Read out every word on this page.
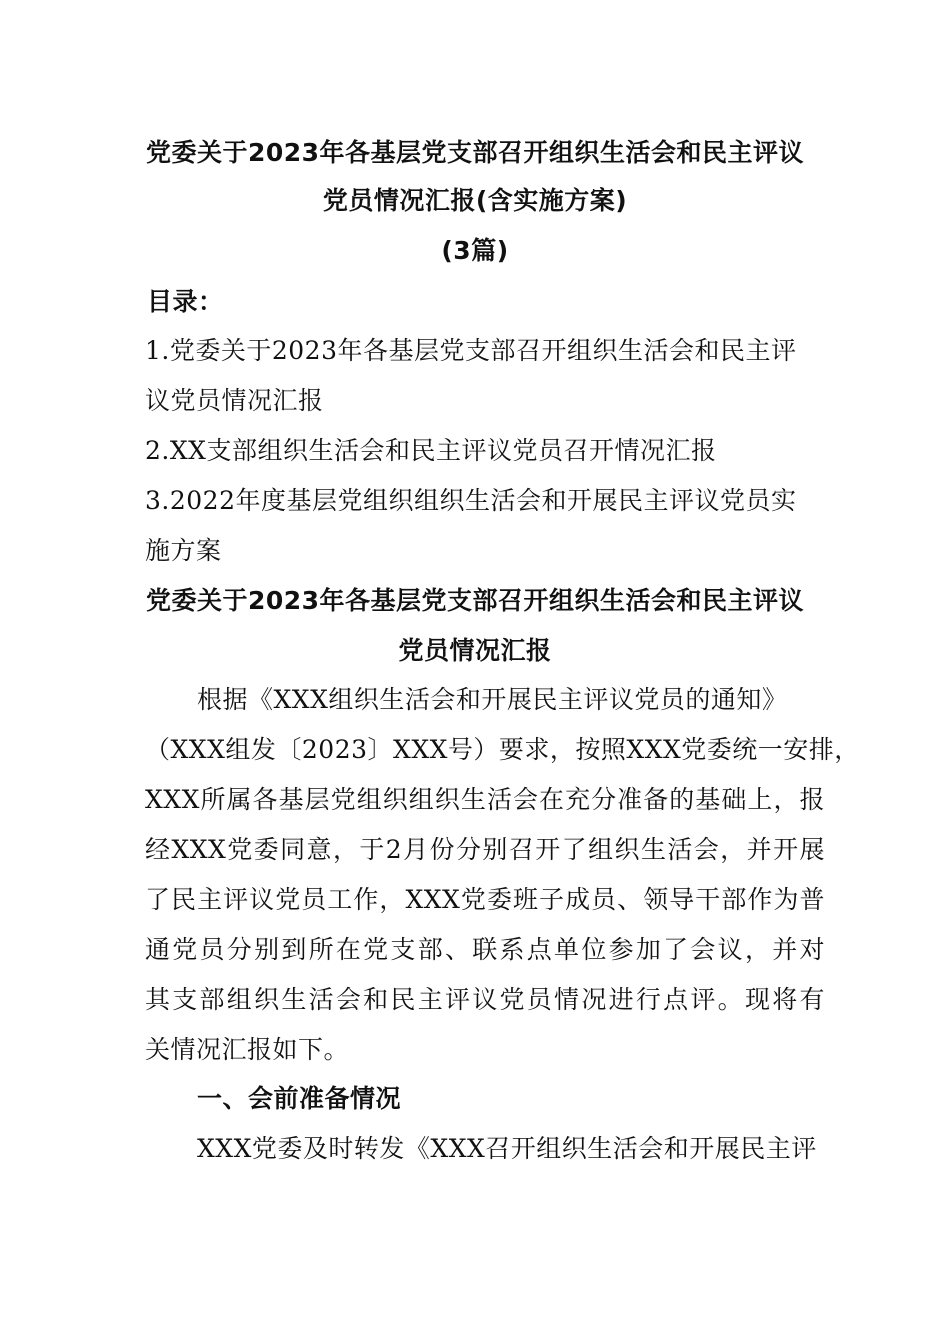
党委关于2023年各基层党支部召开组织生活会和民主评议
党员情况汇报(含实施方案)
(3篇)
目录：
1.党委关于2023年各基层党支部召开组织生活会和民主评
议党员情况汇报
2.XX支部组织生活会和民主评议党员召开情况汇报
3.2022年度基层党组织组织生活会和开展民主评议党员实
施方案
党委关于2023年各基层党支部召开组织生活会和民主评议
党员情况汇报
根据《XXX组织生活会和开展民主评议党员的通知》
（XXX组发〔2023〕XXX号）要求，按照XXX党委统一安排，
XXX所属各基层党组织组织生活会在充分准备的基础上，报
经XXX党委同意，于2月份分别召开了组织生活会，并开展
了民主评议党员工作，XXX党委班子成员、领导干部作为普
通党员分别到所在党支部、联系点单位参加了会议，并对
其支部组织生活会和民主评议党员情况进行点评。现将有
关情况汇报如下。
一、会前准备情况
XXX党委及时转发《XXX召开组织生活会和开展民主评
